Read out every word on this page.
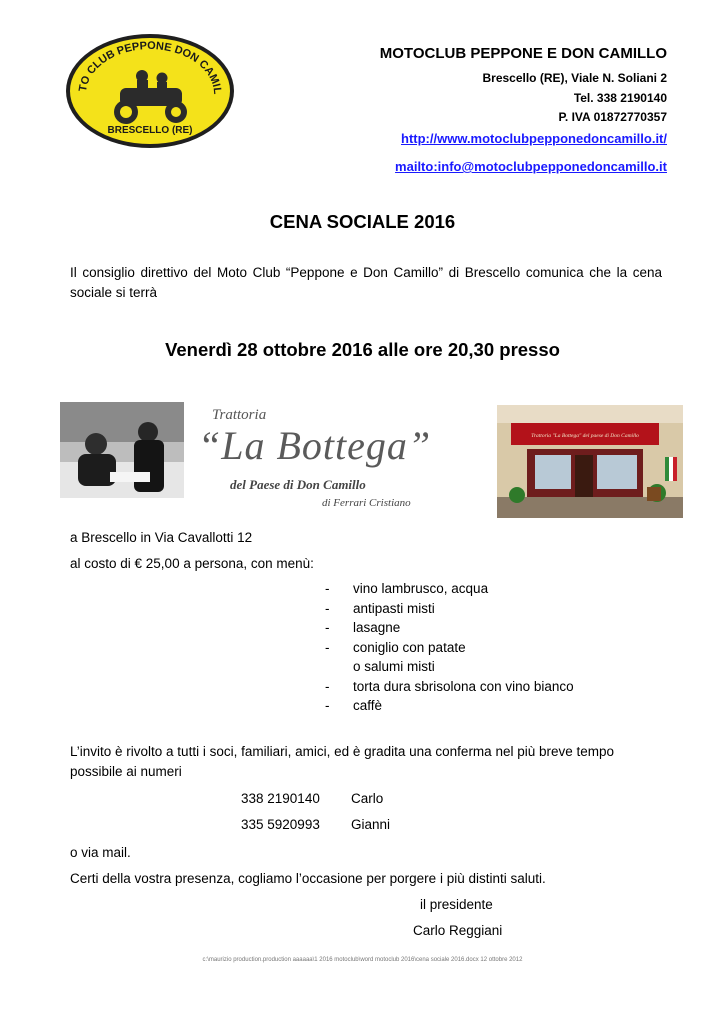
TO CLUB PEPPONE DON CAMIL
BRESCELLO (RE)
MOTOCLUB PEPPONE E DON CAMILLO
Brescello (RE), Viale N. Soliani 2
Tel. 338 2190140
P. IVA 01872770357
http://www.motoclubpepponedoncamillo.it/
mailto:info@motoclubpepponedoncamillo.it
CENA SOCIALE 2016
Il consiglio direttivo del Moto Club “Peppone e Don Camillo” di Brescello comunica che la cena sociale si terrà
Venerdì 28 ottobre 2016 alle ore 20,30 presso
Trattoria
“La Bottega”
del Paese di Don Camillo
di Ferrari Cristiano
Trattoria "La Bottega" del paese di Don Camillo
a Brescello in Via Cavallotti 12
al costo di € 25,00 a persona, con menù:
-	vino lambrusco, acqua
-	antipasti misti
-	lasagne
-	coniglio con patate
o salumi misti
-	torta dura sbrisolona con vino bianco
-	caffè
L’invito è rivolto a tutti i soci, familiari, amici, ed è gradita una conferma nel più breve tempo possibile ai numeri
338 2190140 Carlo
335 5920993 Gianni
o via mail.
Certi della vostra presenza, cogliamo l’occasione per porgere i più distinti saluti.
il presidente
Carlo Reggiani
c:\maurizio production.production aaaaaa\1 2016 motoclub\word motoclub 2016\cena sociale 2016.docx 12 ottobre 2012
